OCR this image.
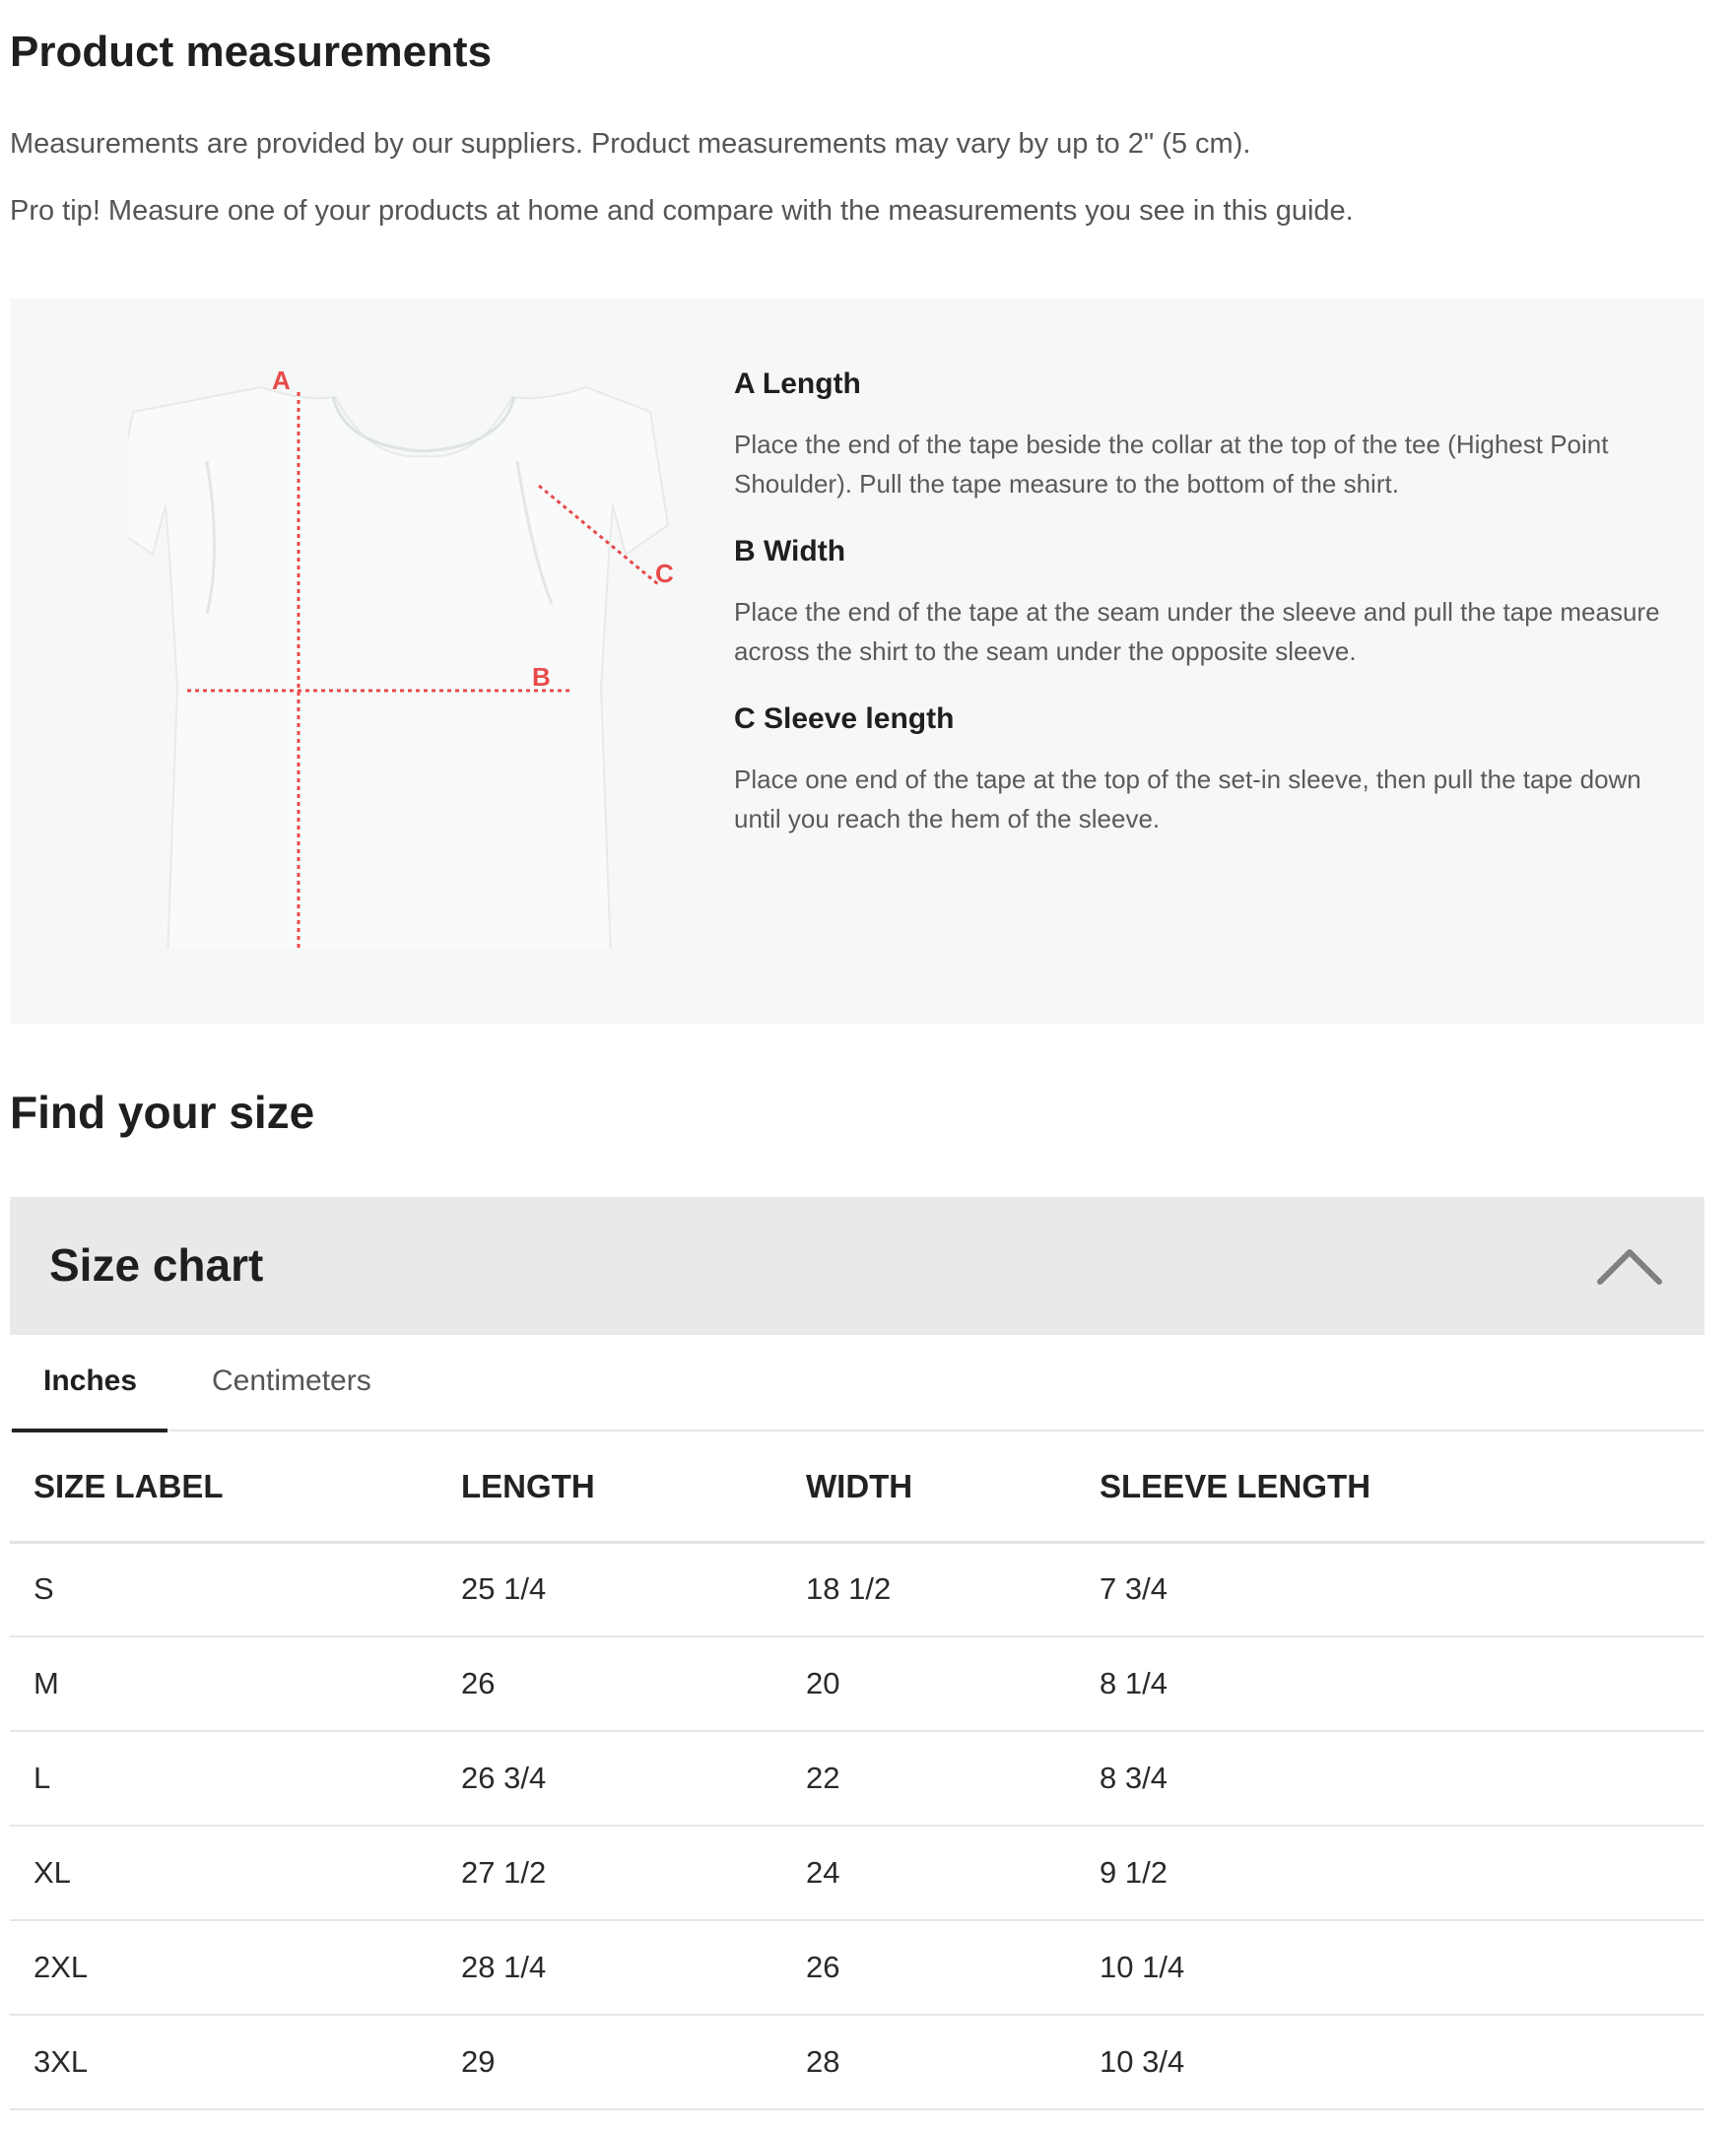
Product measurements

Measurements are provided by our suppliers. Product measurements may vary by up to 2" (5 cm).

Pro tip! Measure one of your products at home and compare with the measurements you see in this guide.

A
B
C
A Length

Place the end of the tape beside the collar at the top of the tee (Highest Point Shoulder). Pull the tape measure to the bottom of the shirt.

B Width

Place the end of the tape at the seam under the sleeve and pull the tape measure across the shirt to the seam under the opposite sleeve.

C Sleeve length

Place one end of the tape at the top of the set-in sleeve, then pull the tape down until you reach the hem of the sleeve.

Find your size
Size chart
Inches	Centimeters
SIZE LABEL	LENGTH	WIDTH	SLEEVE LENGTH
S	25 1/4	18 1/2	7 3/4
M	26	20	8 1/4
L	26 3/4	22	8 3/4
XL	27 1/2	24	9 1/2
2XL	28 1/4	26	10 1/4
3XL	29	28	10 3/4
